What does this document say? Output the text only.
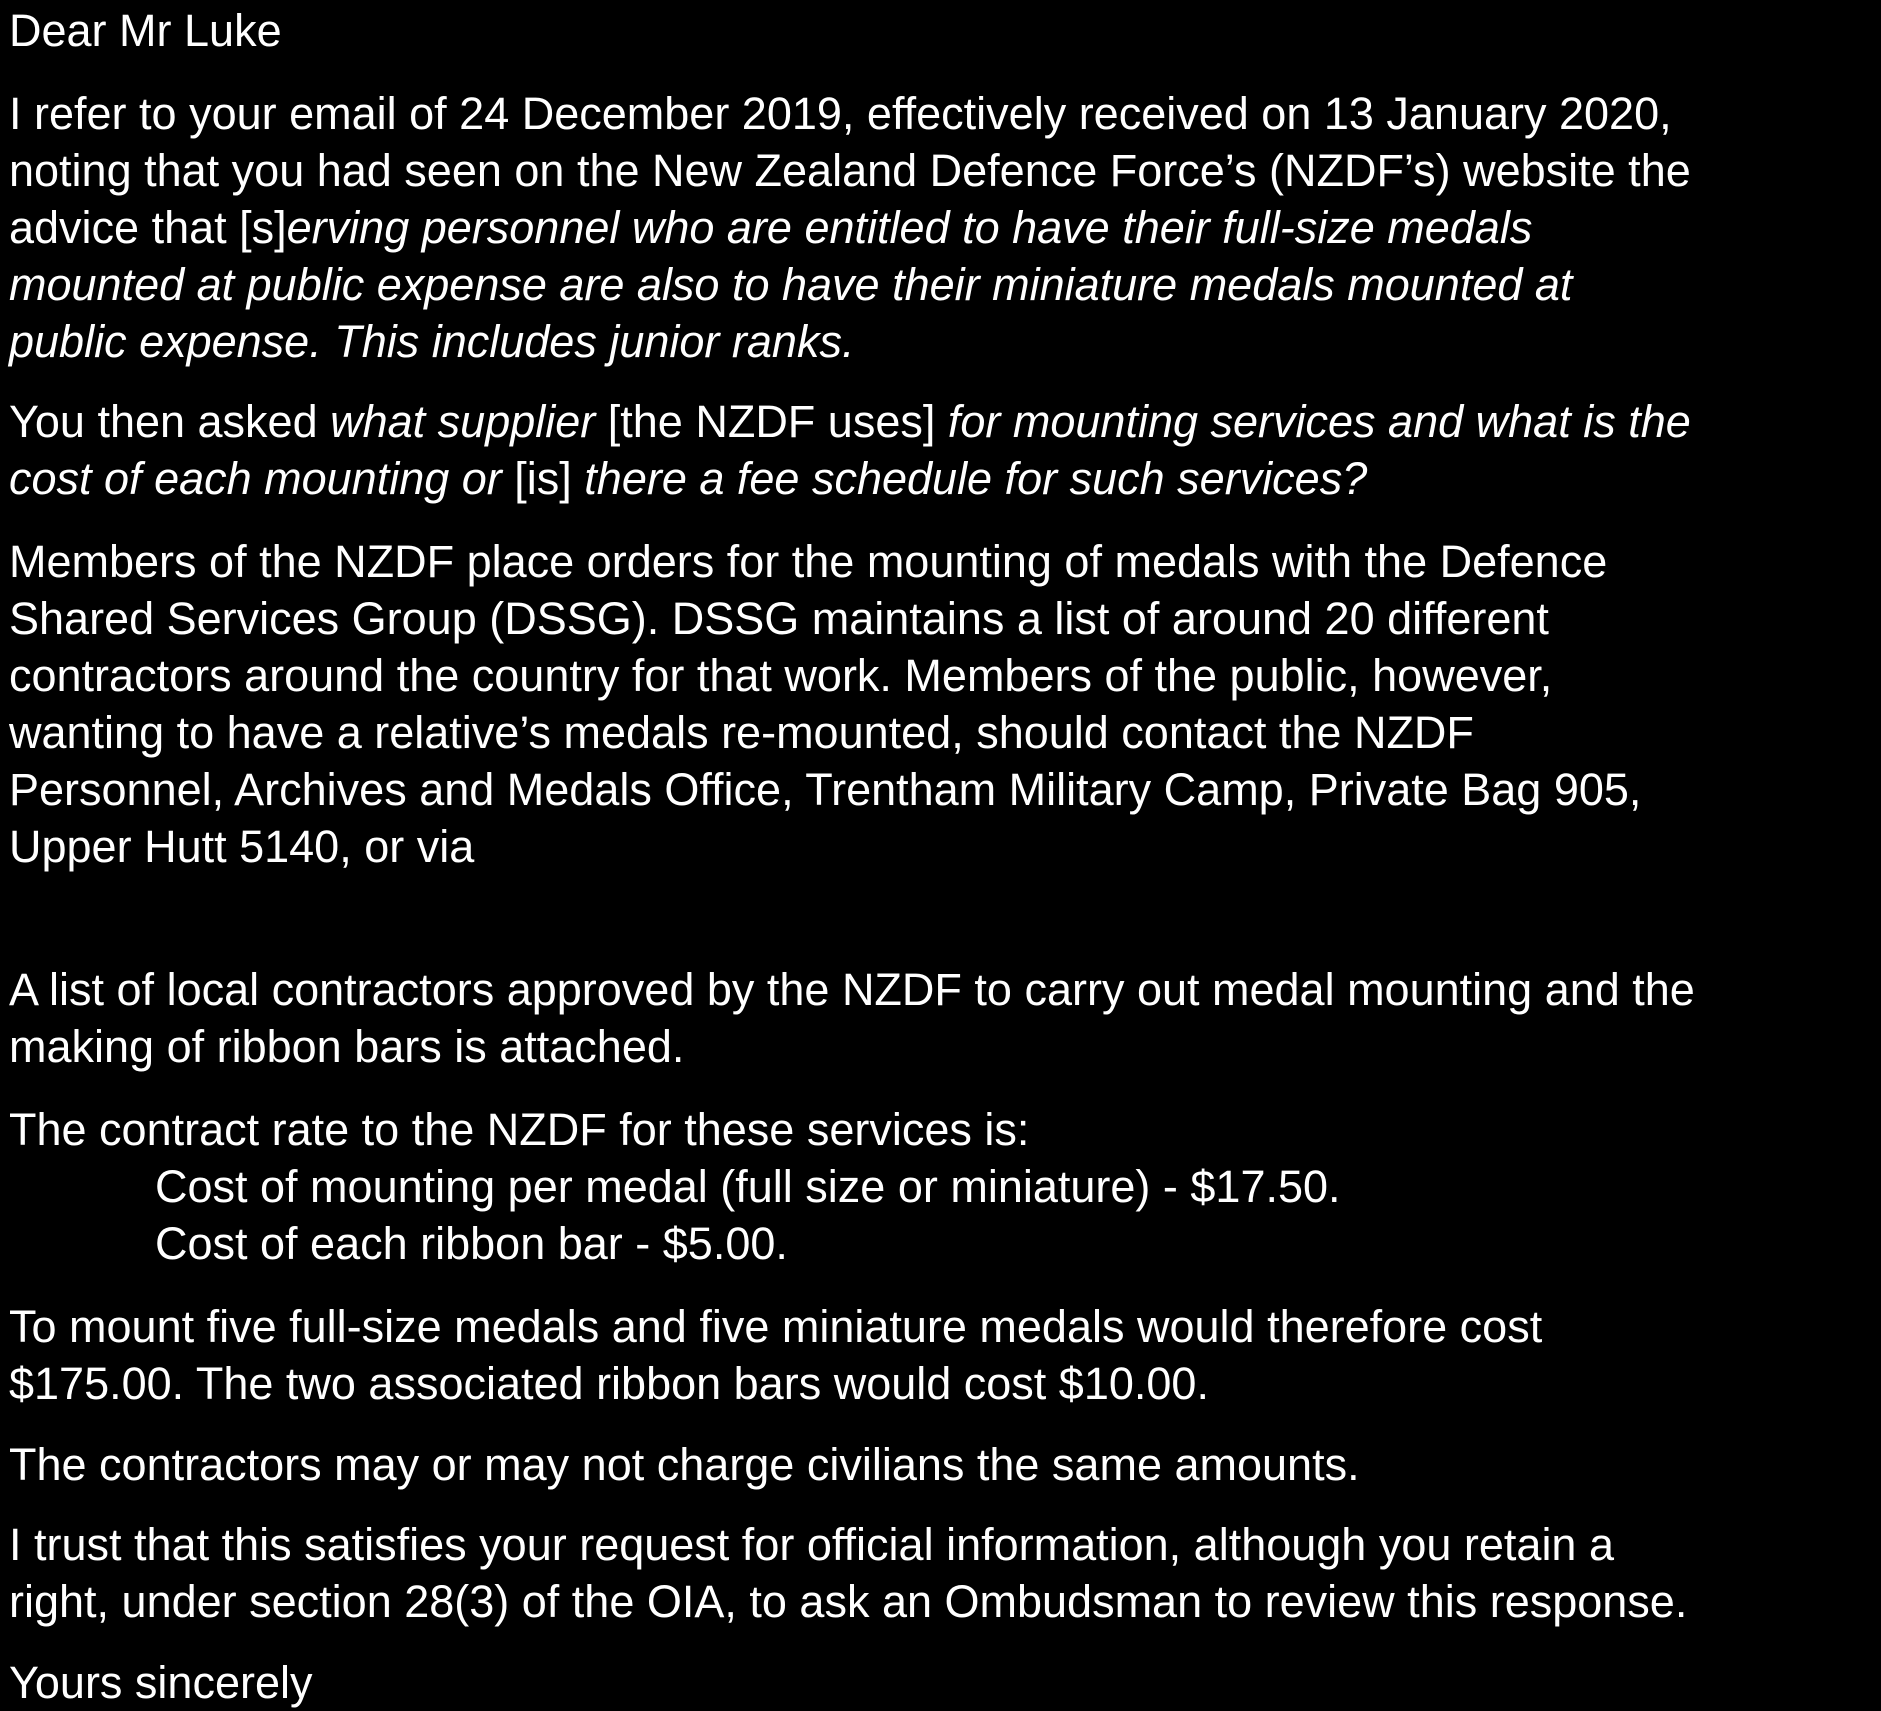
Dear Mr Luke

I refer to your email of 24 December 2019, effectively received on 13 January 2020,
noting that you had seen on the New Zealand Defence Force’s (NZDF’s) website the
advice that [s]erving personnel who are entitled to have their full-size medals
mounted at public expense are also to have their miniature medals mounted at
public expense. This includes junior ranks.

You then asked what supplier [the NZDF uses] for mounting services and what is the
cost of each mounting or [is] there a fee schedule for such services?

Members of the NZDF place orders for the mounting of medals with the Defence
Shared Services Group (DSSG). DSSG maintains a list of around 20 different
contractors around the country for that work. Members of the public, however,
wanting to have a relative’s medals re-mounted, should contact the NZDF
Personnel, Archives and Medals Office, Trentham Military Camp, Private Bag 905,
Upper Hutt 5140, or via

A list of local contractors approved by the NZDF to carry out medal mounting and the
making of ribbon bars is attached.

The contract rate to the NZDF for these services is:

Cost of mounting per medal (full size or miniature) - $17.50.

Cost of each ribbon bar - $5.00.

To mount five full-size medals and five miniature medals would therefore cost
$175.00. The two associated ribbon bars would cost $10.00.

The contractors may or may not charge civilians the same amounts.

I trust that this satisfies your request for official information, although you retain a
right, under section 28(3) of the OIA, to ask an Ombudsman to review this response.

Yours sincerely
